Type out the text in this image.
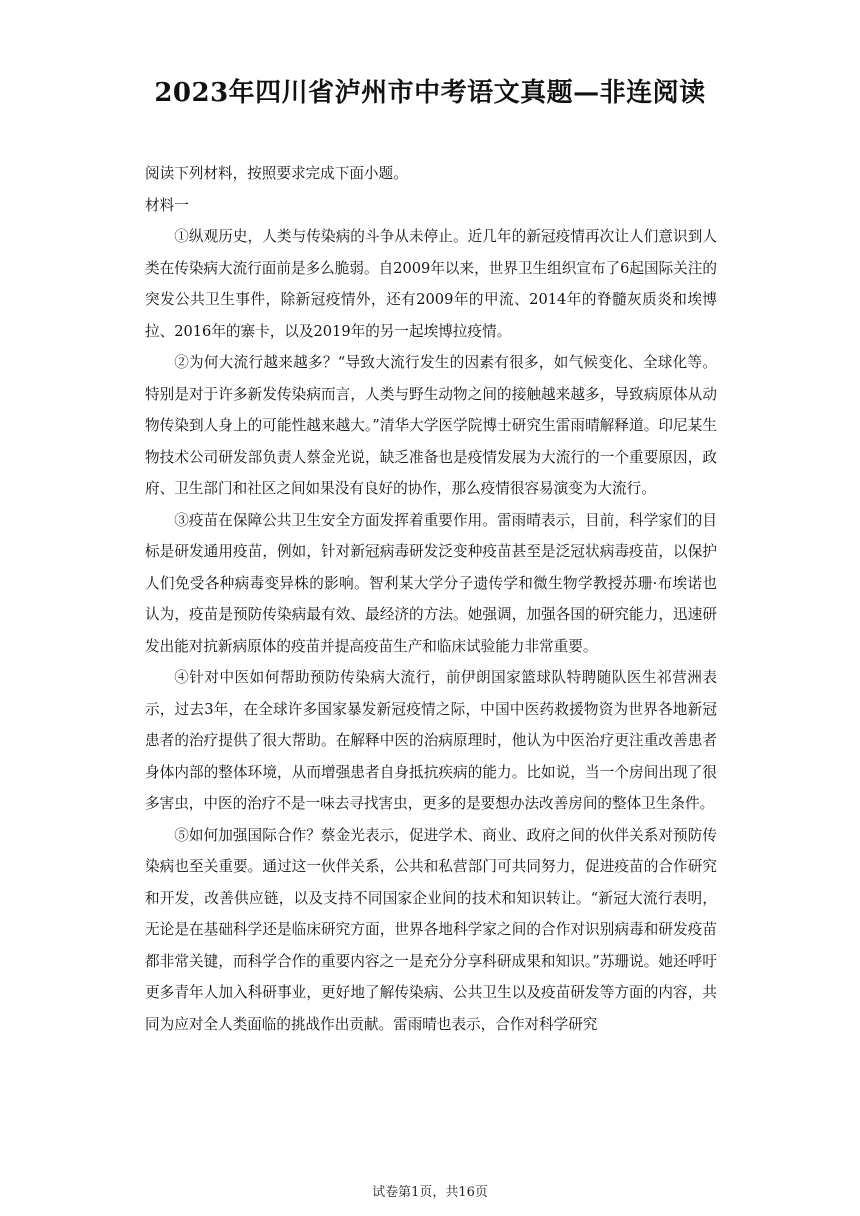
2023年四川省泸州市中考语文真题—非连阅读

阅读下列材料，按照要求完成下面小题。

材料一

①纵观历史，人类与传染病的斗争从未停止。近几年的新冠疫情再次让人们意识到人类在传染病大流行面前是多么脆弱。自2009年以来，世界卫生组织宣布了6起国际关注的突发公共卫生事件，除新冠疫情外，还有2009年的甲流、2014年的脊髓灰质炎和埃博拉、2016年的寨卡，以及2019年的另一起埃博拉疫情。

②为何大流行越来越多？“导致大流行发生的因素有很多，如气候变化、全球化等。特别是对于许多新发传染病而言，人类与野生动物之间的接触越来越多，导致病原体从动物传染到人身上的可能性越来越大。”清华大学医学院博士研究生雷雨晴解释道。印尼某生物技术公司研发部负责人蔡金光说，缺乏准备也是疫情发展为大流行的一个重要原因，政府、卫生部门和社区之间如果没有良好的协作，那么疫情很容易演变为大流行。

③疫苗在保障公共卫生安全方面发挥着重要作用。雷雨晴表示，目前，科学家们的目标是研发通用疫苗，例如，针对新冠病毒研发泛变种疫苗甚至是泛冠状病毒疫苗，以保护人们免受各种病毒变异株的影响。智利某大学分子遗传学和微生物学教授苏珊·布埃诺也认为，疫苗是预防传染病最有效、最经济的方法。她强调，加强各国的研究能力，迅速研发出能对抗新病原体的疫苗并提高疫苗生产和临床试验能力非常重要。

④针对中医如何帮助预防传染病大流行，前伊朗国家篮球队特聘随队医生祁营洲表示，过去3年，在全球许多国家暴发新冠疫情之际，中国中医药救援物资为世界各地新冠患者的治疗提供了很大帮助。在解释中医的治病原理时，他认为中医治疗更注重改善患者身体内部的整体环境，从而增强患者自身抵抗疾病的能力。比如说，当一个房间出现了很多害虫，中医的治疗不是一味去寻找害虫，更多的是要想办法改善房间的整体卫生条件。

⑤如何加强国际合作？蔡金光表示，促进学术、商业、政府之间的伙伴关系对预防传染病也至关重要。通过这一伙伴关系，公共和私营部门可共同努力，促进疫苗的合作研究和开发，改善供应链，以及支持不同国家企业间的技术和知识转让。“新冠大流行表明，无论是在基础科学还是临床研究方面，世界各地科学家之间的合作对识别病毒和研发疫苗都非常关键，而科学合作的重要内容之一是充分分享科研成果和知识。”苏珊说。她还呼吁更多青年人加入科研事业，更好地了解传染病、公共卫生以及疫苗研发等方面的内容，共同为应对全人类面临的挑战作出贡献。雷雨晴也表示，合作对科学研究

试卷第1页，共16页
